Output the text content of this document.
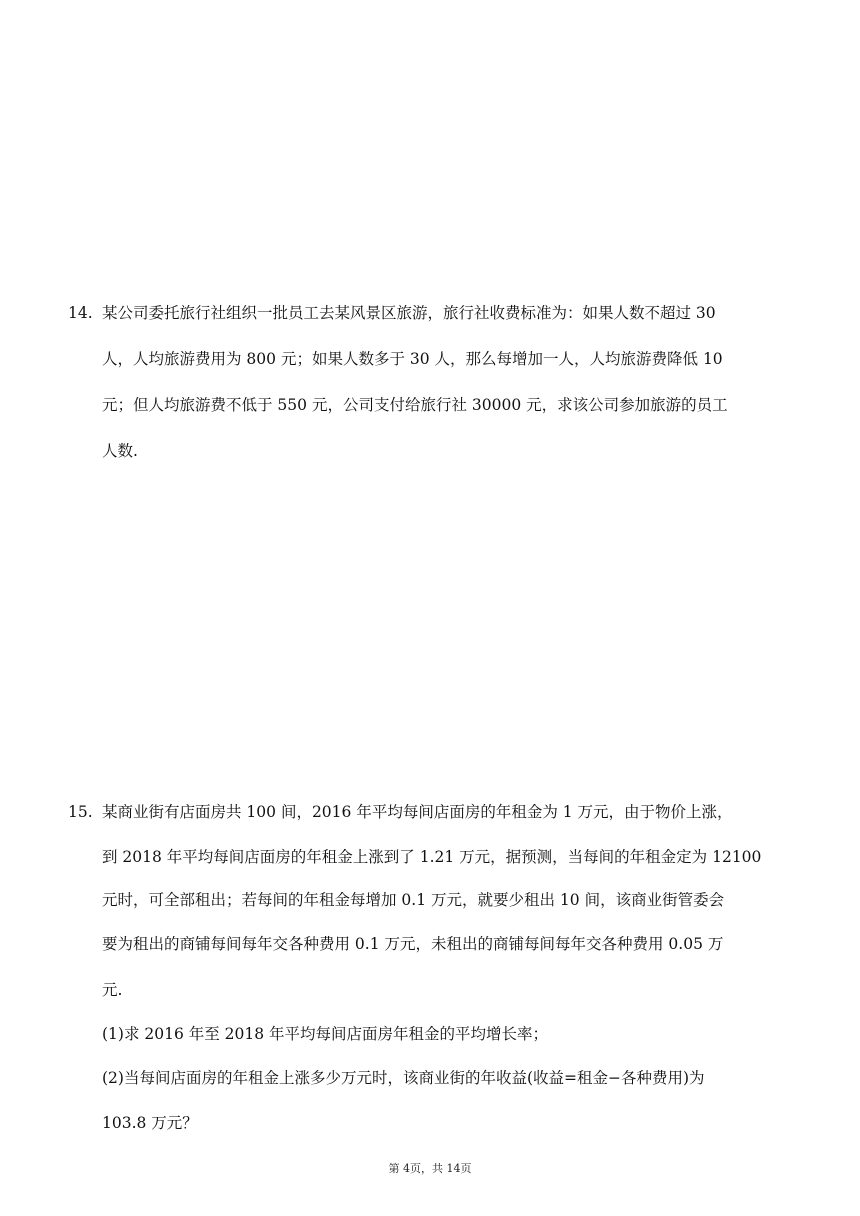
14. 某公司委托旅行社组织一批员工去某风景区旅游，旅行社收费标准为：如果人数不超过 30
人，人均旅游费用为 800 元；如果人数多于 30 人，那么每增加一人，人均旅游费降低 10
元；但人均旅游费不低于 550 元，公司支付给旅行社 30000 元，求该公司参加旅游的员工
人数.
15. 某商业街有店面房共 100 间，2016 年平均每间店面房的年租金为 1 万元，由于物价上涨，
到 2018 年平均每间店面房的年租金上涨到了 1.21 万元，据预测，当每间的年租金定为 12100
元时，可全部租出；若每间的年租金每增加 0.1 万元，就要少租出 10 间，该商业街管委会
要为租出的商铺每间每年交各种费用 0.1 万元，未租出的商铺每间每年交各种费用 0.05 万
元.
(1)求 2016 年至 2018 年平均每间店面房年租金的平均增长率；
(2)当每间店面房的年租金上涨多少万元时，该商业街的年收益(收益=租金−各种费用)为
103.8 万元？
第 4页，共 14页
